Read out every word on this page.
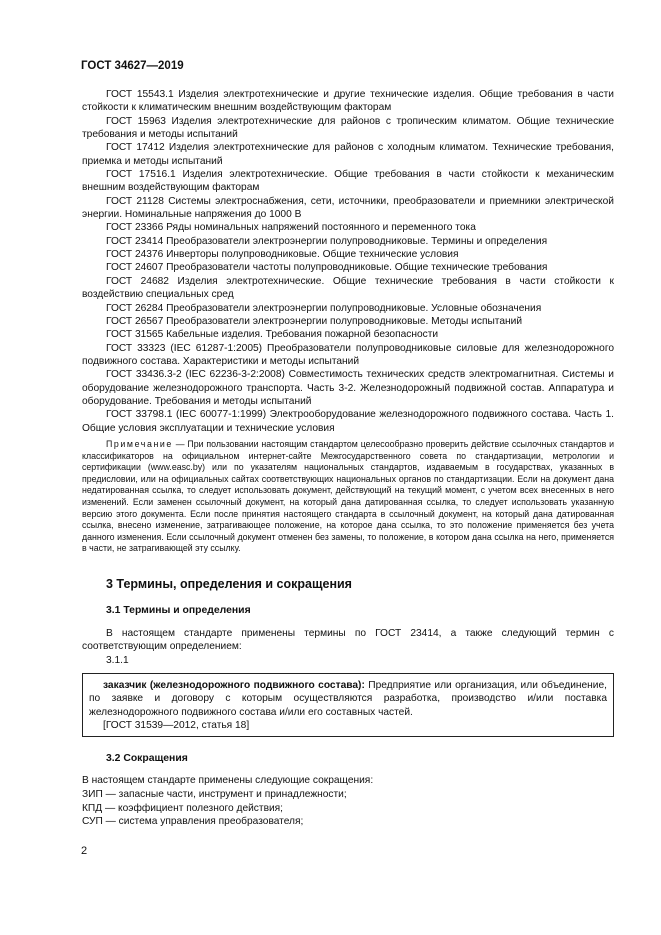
ГОСТ 34627—2019

ГОСТ 15543.1 Изделия электротехнические и другие технические изделия. Общие требования в части стойкости к климатическим внешним воздействующим факторам

ГОСТ 15963 Изделия электротехнические для районов с тропическим климатом. Общие технические требования и методы испытаний

ГОСТ 17412 Изделия электротехнические для районов с холодным климатом. Технические требования, приемка и методы испытаний

ГОСТ 17516.1 Изделия электротехнические. Общие требования в части стойкости к механическим внешним воздействующим факторам

ГОСТ 21128 Системы электроснабжения, сети, источники, преобразователи и приемники электрической энергии. Номинальные напряжения до 1000 В

ГОСТ 23366 Ряды номинальных напряжений постоянного и переменного тока

ГОСТ 23414 Преобразователи электроэнергии полупроводниковые. Термины и определения

ГОСТ 24376 Инверторы полупроводниковые. Общие технические условия

ГОСТ 24607 Преобразователи частоты полупроводниковые. Общие технические требования

ГОСТ 24682 Изделия электротехнические. Общие технические требования в части стойкости к воздействию специальных сред

ГОСТ 26284 Преобразователи электроэнергии полупроводниковые. Условные обозначения

ГОСТ 26567 Преобразователи электроэнергии полупроводниковые. Методы испытаний

ГОСТ 31565 Кабельные изделия. Требования пожарной безопасности

ГОСТ 33323 (IEC 61287-1:2005) Преобразователи полупроводниковые силовые для железнодорожного подвижного состава. Характеристики и методы испытаний

ГОСТ 33436.3-2 (IEC 62236-3-2:2008) Совместимость технических средств электромагнитная. Системы и оборудование железнодорожного транспорта. Часть 3-2. Железнодорожный подвижной состав. Аппаратура и оборудование. Требования и методы испытаний

ГОСТ 33798.1 (IEC 60077-1:1999) Электрооборудование железнодорожного подвижного состава. Часть 1. Общие условия эксплуатации и технические условия

Примечание — При пользовании настоящим стандартом целесообразно проверить действие ссылочных стандартов и классификаторов на официальном интернет-сайте Межгосударственного совета по стандартизации, метрологии и сертификации (www.easc.by) или по указателям национальных стандартов, издаваемым в государствах, указанных в предисловии, или на официальных сайтах соответствующих национальных органов по стандартизации. Если на документ дана недатированная ссылка, то следует использовать документ, действующий на текущий момент, с учетом всех внесенных в него изменений. Если заменен ссылочный документ, на который дана датированная ссылка, то следует использовать указанную версию этого документа. Если после принятия настоящего стандарта в ссылочный документ, на который дана датированная ссылка, внесено изменение, затрагивающее положение, на которое дана ссылка, то это положение применяется без учета данного изменения. Если ссылочный документ отменен без замены, то положение, в котором дана ссылка на него, применяется в части, не затрагивающей эту ссылку.

3 Термины, определения и сокращения
3.1 Термины и определения

В настоящем стандарте применены термины по ГОСТ 23414, а также следующий термин с соответствующим определением:

3.1.1

заказчик (железнодорожного подвижного состава): Предприятие или организация, или объединение, по заявке и договору с которым осуществляются разработка, производство и/или поставка железнодорожного подвижного состава и/или его составных частей.

[ГОСТ 31539—2012, статья 18]

3.2 Сокращения

В настоящем стандарте применены следующие сокращения:

ЗИП — запасные части, инструмент и принадлежности;

КПД — коэффициент полезного действия;

СУП — система управления преобразователя;

2
